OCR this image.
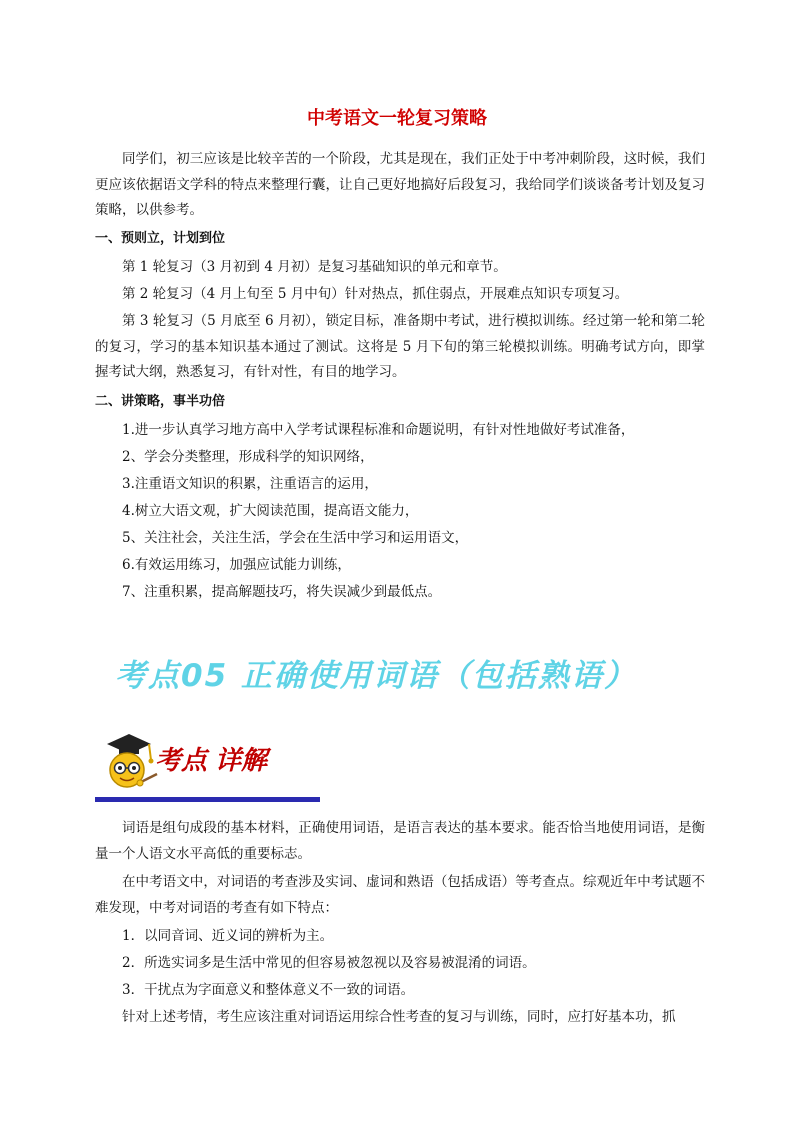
中考语文一轮复习策略

同学们，初三应该是比较辛苦的一个阶段，尤其是现在，我们正处于中考冲刺阶段，这时候，我们更应该依据语文学科的特点来整理行囊，让自己更好地搞好后段复习，我给同学们谈谈备考计划及复习策略，以供参考。

一、预则立，计划到位
第 1 轮复习（3 月初到 4 月初）是复习基础知识的单元和章节。
第 2 轮复习（4 月上旬至 5 月中旬）针对热点，抓住弱点，开展难点知识专项复习。

第 3 轮复习（5 月底至 6 月初），锁定目标，准备期中考试，进行模拟训练。经过第一轮和第二轮的复习，学习的基本知识基本通过了测试。这将是 5 月下旬的第三轮模拟训练。明确考试方向，即掌握考试大纲，熟悉复习，有针对性，有目的地学习。

二、讲策略，事半功倍
1.进一步认真学习地方高中入学考试课程标准和命题说明，有针对性地做好考试准备，
2、学会分类整理，形成科学的知识网络，
3.注重语文知识的积累，注重语言的运用，
4.树立大语文观，扩大阅读范围，提高语文能力，
5、关注社会，关注生活，学会在生活中学习和运用语文，
6.有效运用练习，加强应试能力训练，
7、注重积累，提高解题技巧，将失误减少到最低点。
考点05 正确使用词语（包括熟语）
考点 详解

词语是组句成段的基本材料，正确使用词语，是语言表达的基本要求。能否恰当地使用词语，是衡量一个人语文水平高低的重要标志。

在中考语文中，对词语的考查涉及实词、虚词和熟语（包括成语）等考查点。综观近年中考试题不难发现，中考对词语的考查有如下特点：

1．以同音词、近义词的辨析为主。
2．所选实词多是生活中常见的但容易被忽视以及容易被混淆的词语。
3．干扰点为字面意义和整体意义不一致的词语。

针对上述考情，考生应该注重对词语运用综合性考查的复习与训练，同时，应打好基本功，抓
